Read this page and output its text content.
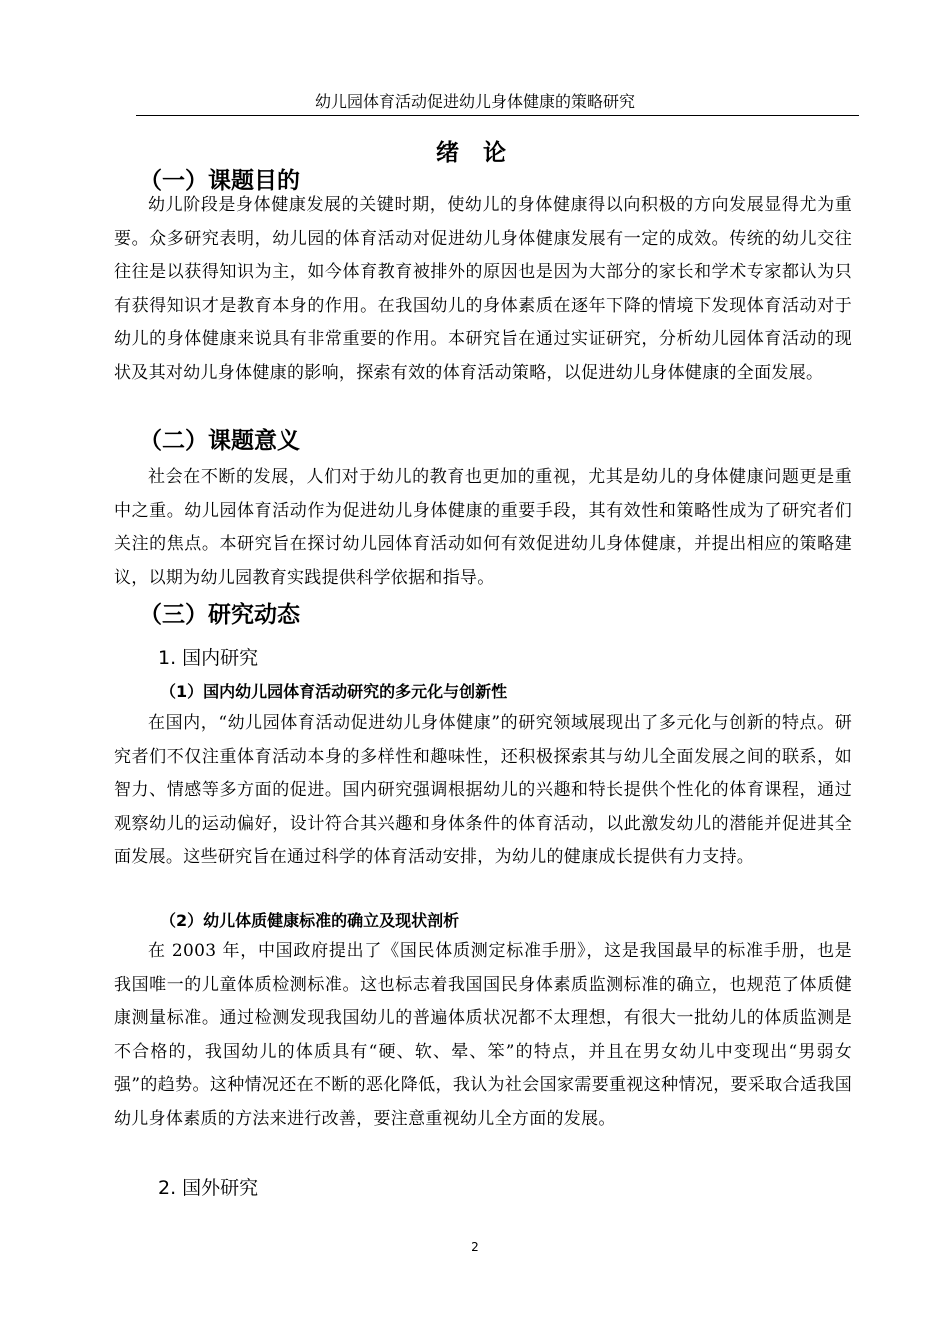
幼儿园体育活动促进幼儿身体健康的策略研究
绪 论
（一）课题目的

幼儿阶段是身体健康发展的关键时期，使幼儿的身体健康得以向积极的方向发展显得尤为重要。众多研究表明，幼儿园的体育活动对促进幼儿身体健康发展有一定的成效。传统的幼儿交往往往是以获得知识为主，如今体育教育被排外的原因也是因为大部分的家长和学术专家都认为只有获得知识才是教育本身的作用。在我国幼儿的身体素质在逐年下降的情境下发现体育活动对于幼儿的身体健康来说具有非常重要的作用。本研究旨在通过实证研究，分析幼儿园体育活动的现状及其对幼儿身体健康的影响，探索有效的体育活动策略，以促进幼儿身体健康的全面发展。

（二）课题意义

社会在不断的发展，人们对于幼儿的教育也更加的重视，尤其是幼儿的身体健康问题更是重中之重。幼儿园体育活动作为促进幼儿身体健康的重要手段，其有效性和策略性成为了研究者们关注的焦点。本研究旨在探讨幼儿园体育活动如何有效促进幼儿身体健康，并提出相应的策略建议，以期为幼儿园教育实践提供科学依据和指导。

（三）研究动态
1. 国内研究
（1）国内幼儿园体育活动研究的多元化与创新性

在国内，“幼儿园体育活动促进幼儿身体健康”的研究领域展现出了多元化与创新的特点。研究者们不仅注重体育活动本身的多样性和趣味性，还积极探索其与幼儿全面发展之间的联系，如智力、情感等多方面的促进。国内研究强调根据幼儿的兴趣和特长提供个性化的体育课程，通过观察幼儿的运动偏好，设计符合其兴趣和身体条件的体育活动，以此激发幼儿的潜能并促进其全面发展。这些研究旨在通过科学的体育活动安排，为幼儿的健康成长提供有力支持。

（2）幼儿体质健康标准的确立及现状剖析

在 2003 年，中国政府提出了《国民体质测定标准手册》，这是我国最早的标准手册，也是我国唯一的儿童体质检测标准。这也标志着我国国民身体素质监测标准的确立，也规范了体质健康测量标准。通过检测发现我国幼儿的普遍体质状况都不太理想，有很大一批幼儿的体质监测是不合格的，我国幼儿的体质具有“硬、软、晕、笨”的特点，并且在男女幼儿中变现出“男弱女强”的趋势。这种情况还在不断的恶化降低，我认为社会国家需要重视这种情况，要采取合适我国幼儿身体素质的方法来进行改善，要注意重视幼儿全方面的发展。

2. 国外研究
2
